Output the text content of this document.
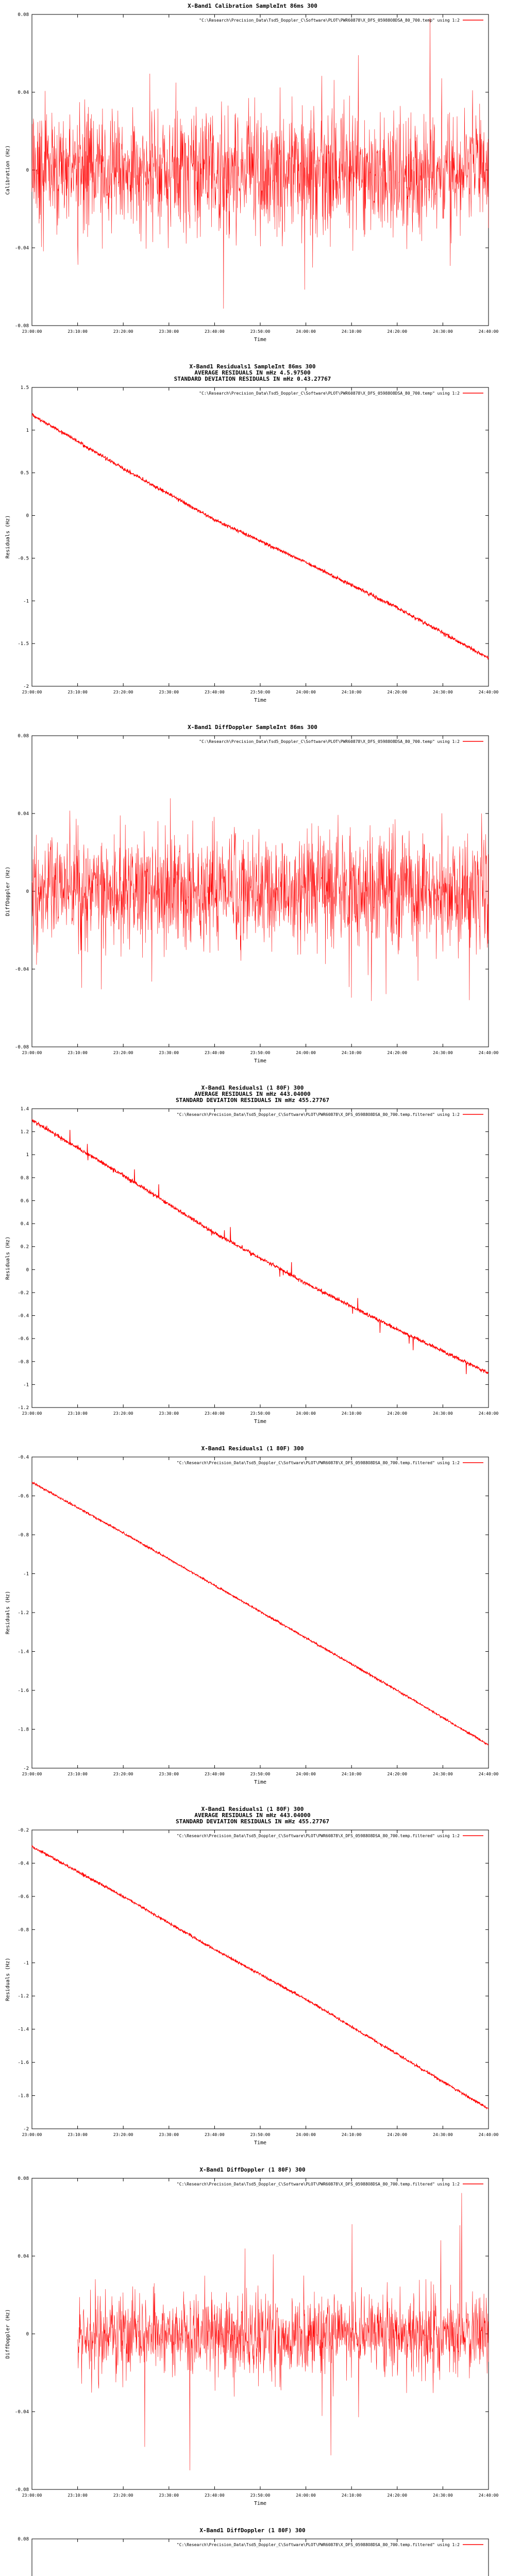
X-Band1 Calibration SampleInt 86ms 300
0.08
0.04
0
-0.04
-0.08
23:00:00	23:10:00	23:20:00	23:30:00	23:40:00	23:50:00	24:00:00	24:10:00	24:20:00	24:30:00	24:40:00
Time
Calibration (Hz)
"C:\Research\Precision_Data\Tsd5_Doppler_C\Software\PLOT\PWR60878\X_DFS_05988O8DSA_80_700.temp" using 1:2
X-Band1 Residuals1 SampleInt 86ms 300
AVERAGE RESIDUALS IN mHz 4.5.97500
STANDARD DEVIATION RESIDUALS IN mHz 0.43.27767
1.5
1
0.5
0
-0.5
-1
-1.5
-2
23:00:00	23:10:00	23:20:00	23:30:00	23:40:00	23:50:00	24:00:00	24:10:00	24:20:00	24:30:00	24:40:00
Time
Residuals (Hz)
"C:\Research\Precision_Data\Tsd5_Doppler_C\Software\PLOT\PWR60878\X_DFS_05988O8DSA_80_700.temp" using 1:2
X-Band1 DiffDoppler SampleInt 86ms 300
0.08
0.04
0
-0.04
-0.08
23:00:00	23:10:00	23:20:00	23:30:00	23:40:00	23:50:00	24:00:00	24:10:00	24:20:00	24:30:00	24:40:00
Time
DiffDoppler (Hz)
"C:\Research\Precision_Data\Tsd5_Doppler_C\Software\PLOT\PWR60878\X_DFS_05988O8DSA_80_700.temp" using 1:2
X-Band1 Residuals1 (1 80F) 300
AVERAGE RESIDUALS IN mHz 443.04000
STANDARD DEVIATION RESIDUALS IN mHz 455.27767
1.4
1.2
1
0.8
0.6
0.4
0.2
0
-0.2
-0.4
-0.6
-0.8
-1
-1.2
23:00:00	23:10:00	23:20:00	23:30:00	23:40:00	23:50:00	24:00:00	24:10:00	24:20:00	24:30:00	24:40:00
Time
Residuals (Hz)
"C:\Research\Precision_Data\Tsd5_Doppler_C\Software\PLOT\PWR60878\X_DFS_05988O8DSA_80_700.temp.filtered" using 1:2
X-Band1 Residuals1 (1 80F) 300
-0.4
-0.6
-0.8
-1
-1.2
-1.4
-1.6
-1.8
-2
23:00:00	23:10:00	23:20:00	23:30:00	23:40:00	23:50:00	24:00:00	24:10:00	24:20:00	24:30:00	24:40:00
Time
Residuals (Hz)
"C:\Research\Precision_Data\Tsd5_Doppler_C\Software\PLOT\PWR60878\X_DFS_05988O8DSA_80_700.temp.filtered" using 1:2
X-Band1 Residuals1 (1 80F) 300
AVERAGE RESIDUALS IN mHz 443.04000
STANDARD DEVIATION RESIDUALS IN mHz 455.27767
-0.2
-0.4
-0.6
-0.8
-1
-1.2
-1.4
-1.6
-1.8
-2
23:00:00	23:10:00	23:20:00	23:30:00	23:40:00	23:50:00	24:00:00	24:10:00	24:20:00	24:30:00	24:40:00
Time
Residuals (Hz)
"C:\Research\Precision_Data\Tsd5_Doppler_C\Software\PLOT\PWR60878\X_DFS_05988O8DSA_80_700.temp.filtered" using 1:2
X-Band1 DiffDoppler (1 80F) 300
0.08
0.04
0
-0.04
-0.08
23:00:00	23:10:00	23:20:00	23:30:00	23:40:00	23:50:00	24:00:00	24:10:00	24:20:00	24:30:00	24:40:00
Time
DiffDoppler (Hz)
"C:\Research\Precision_Data\Tsd5_Doppler_C\Software\PLOT\PWR60878\X_DFS_05988O8DSA_80_700.temp.filtered" using 1:2
X-Band1 DiffDoppler (1 80F) 300
0.08
"C:\Research\Precision_Data\Tsd5_Doppler_C\Software\PLOT\PWR60878\X_DFS_05988O8DSA_80_700.temp.filtered" using 1:2
